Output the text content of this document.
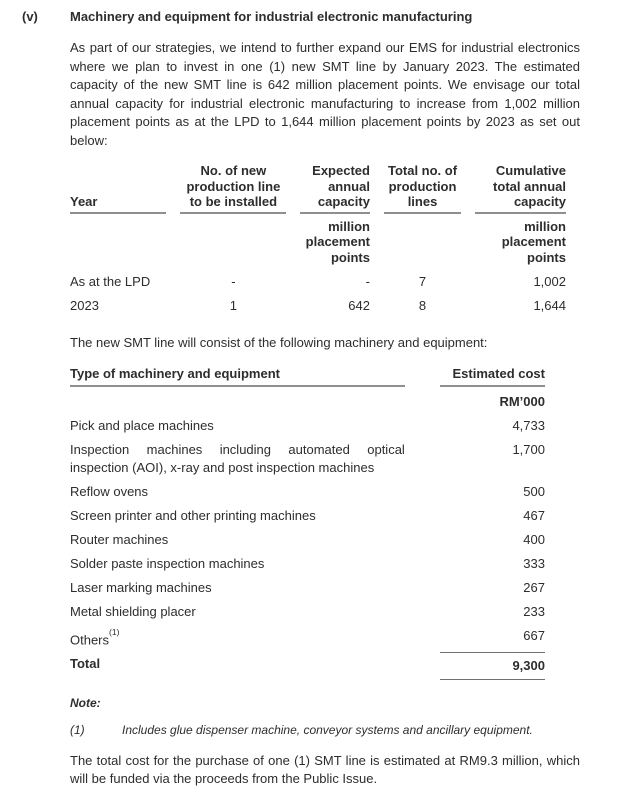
(v)	Machinery and equipment for industrial electronic manufacturing

As part of our strategies, we intend to further expand our EMS for industrial electronics where we plan to invest in one (1) new SMT line by January 2023. The estimated capacity of the new SMT line is 642 million placement points. We envisage our total annual capacity for industrial electronic manufacturing to increase from 1,002 million placement points as at the LPD to 1,644 million placement points by 2023 as set out below:

Year	No. of new production line to be installed	Expected annual capacity	Total no. of production lines	Cumulative total annual capacity
		million placement points		million placement points
As at the LPD	-	-	7	1,002
2023	1	642	8	1,644

The new SMT line will consist of the following machinery and equipment:

Type of machinery and equipment	Estimated cost
	RM’000
Pick and place machines	4,733
Inspection machines including automated optical inspection (AOI), x-ray and post inspection machines	1,700
Reflow ovens	500
Screen printer and other printing machines	467
Router machines	400
Solder paste inspection machines	333
Laser marking machines	267
Metal shielding placer	233
Others$^{(1)}$	667
Total	9,300

Note:

(1)	Includes glue dispenser machine, conveyor systems and ancillary equipment.

The total cost for the purchase of one (1) SMT line is estimated at RM9.3 million, which will be funded via the proceeds from the Public Issue.
